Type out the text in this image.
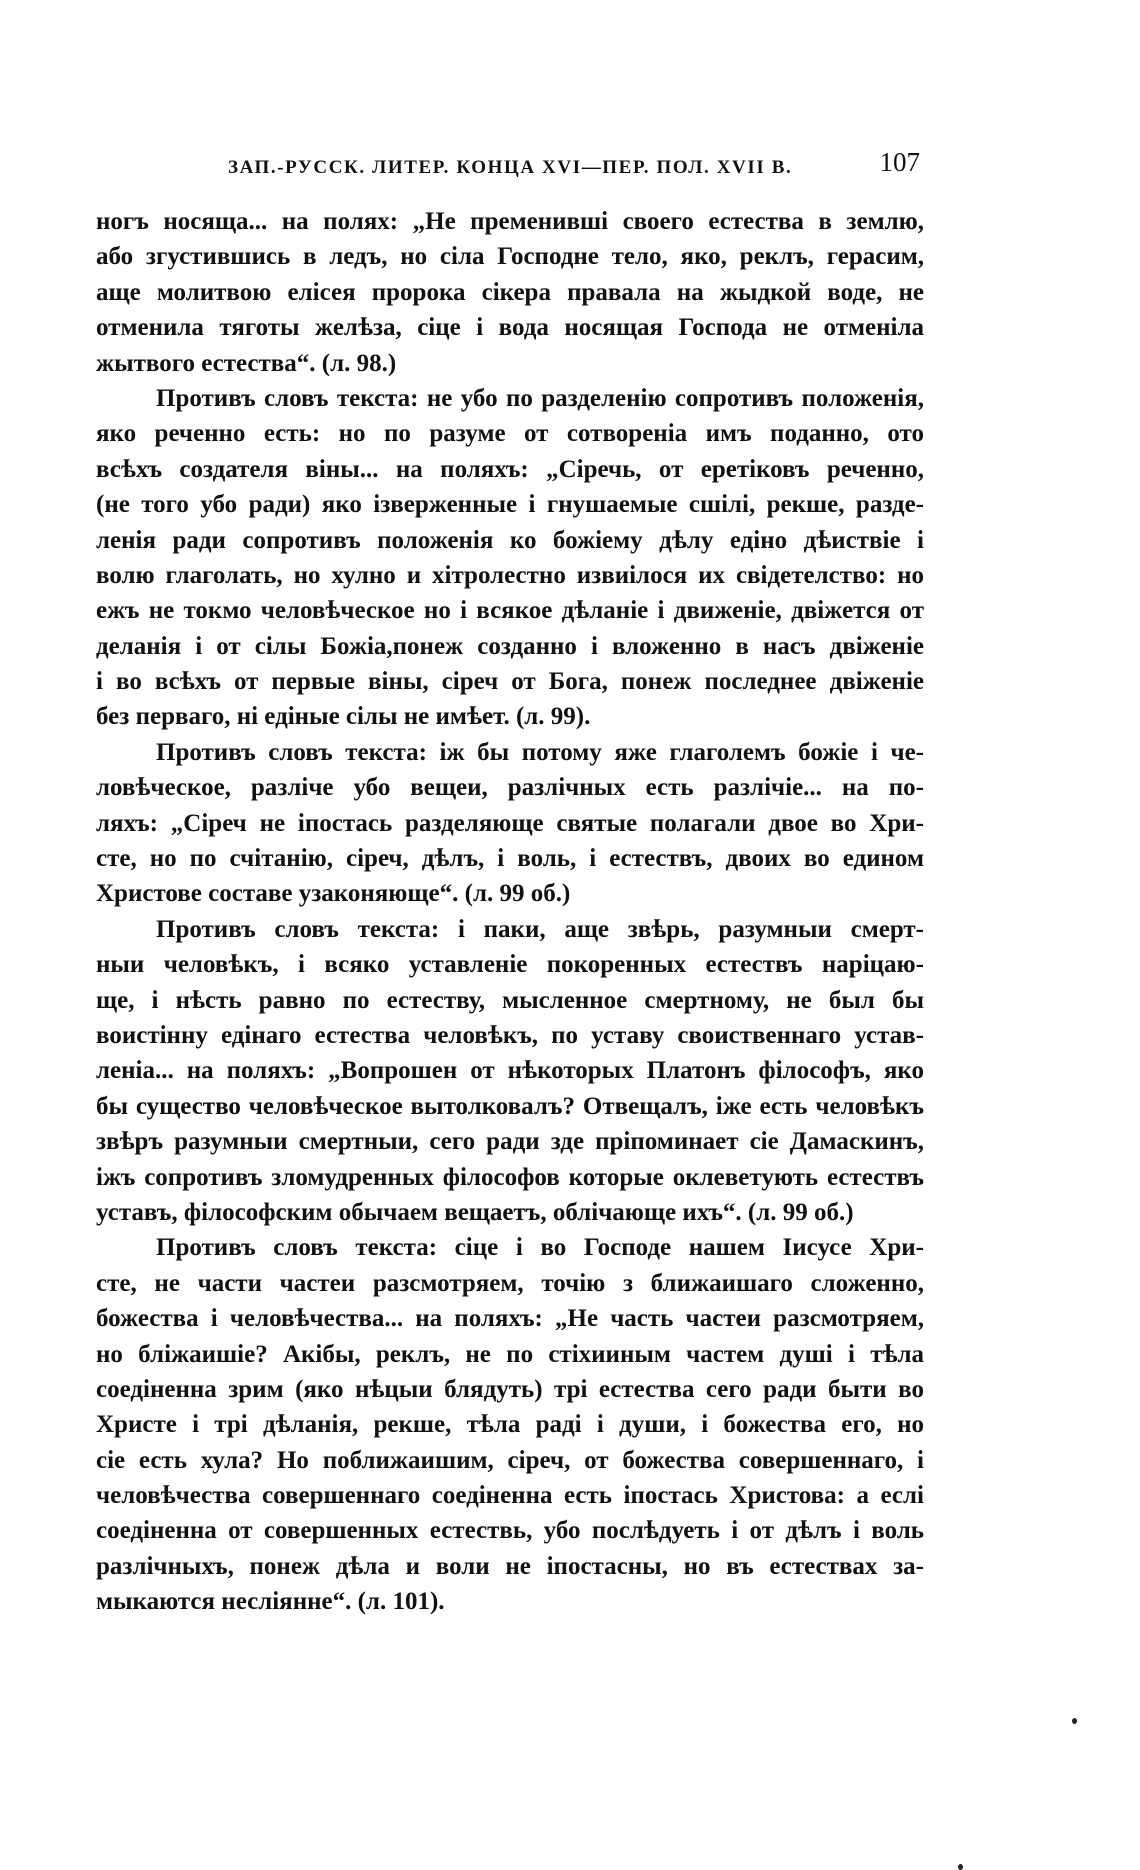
ЗАП.-РУССК. ЛИТЕР. КОНЦА XVI—ПЕР. ПОЛ. XVII В.	107
ногъ носяща... на полях: „Не пременивші своего естества в землю,
або згустившись в ледъ, но сіла Господне тело, яко, реклъ, герасим,
аще молитвою елісея пророка сікера правала на жыдкой воде, не
отменила тяготы желѣза, сіце і вода носящая Господа не отменіла
жытвого естества“. (л. 98.)
Противъ словъ текста: не убо по разделенію сопротивъ положенія,
яко реченно есть: но по разуме от сотвореніа имъ поданно, ото
всѣхъ создателя віны... на поляхъ: „Сіречь, от еретіковъ реченно,
(не того убо ради) яко ізверженные і гнушаемые сшілі, рекше, разде-
ленія ради сопротивъ положенія ко божіему дѣлу едіно дѣиствіе і
волю глаголать, но хулно и хітролестно извиілося их свідетелство: но
ежъ не токмо человѣческое но і всякое дѣланіе і движеніе, двіжется от
деланія і от сілы Божіа,понеж созданно і вложенно в насъ двіженіе
і во всѣхъ от первые віны, сіреч от Бога, понеж последнее двіженіе
без перваго, ні едіные сілы не имѣет. (л. 99).
Противъ словъ текста: іж бы потому яже глаголемъ божіе і че-
ловѣческое, разліче убо вещеи, разлічных есть разлічіе... на по-
ляхъ: „Сіреч не іпостась разделяюще святые полагали двое во Хри-
сте, но по счітанію, сіреч, дѣлъ, і воль, і естествъ, двоих во едином
Христове составе узаконяюще“. (л. 99 об.)
Противъ словъ текста: і паки, аще звѣрь, разумныи смерт-
ныи человѣкъ, і всяко уставленіе покоренных естествъ наріцаю-
ще, і нѣсть равно по естеству, мысленное смертному, не был бы
воистінну едінаго естества человѣкъ, по уставу своиственнаго устав-
леніа... на поляхъ: „Вопрошен от нѣкоторых Платонъ філософъ, яко
бы существо человѣческое вытолковалъ? Отвещалъ, іже есть человѣкъ
звѣръ разумныи смертныи, сего ради зде пріпоминает сіе Дамаскинъ,
іжъ сопротивъ зломудренных філософов которые оклеветують естествъ
уставъ, філософским обычаем вещаетъ, облічающе ихъ“. (л. 99 об.)
Противъ словъ текста: сіце і во Господе нашем Іисусе Хри-
сте, не части частеи разсмотряем, точію з ближаишаго сложенно,
божества і человѣчества... на поляхъ: „Не часть частеи разсмотряем,
но бліжаишіе? Акібы, реклъ, не по стіхииным частем душі і тѣла
соедіненна зрим (яко нѣцыи блядуть) трі естества сего ради быти во
Христе і трі дѣланія, рекше, тѣла раді і души, і божества его, но
сіе есть хула? Но поближаишим, сіреч, от божества совершеннаго, і
человѣчества совершеннаго соедіненна есть іпостась Христова: а еслі
соедіненна от совершенных естествь, убо послѣдуеть і от дѣлъ і воль
разлічныхъ, понеж дѣла и воли не іпостасны, но въ естествах за-
мыкаются несліянне“. (л. 101).
